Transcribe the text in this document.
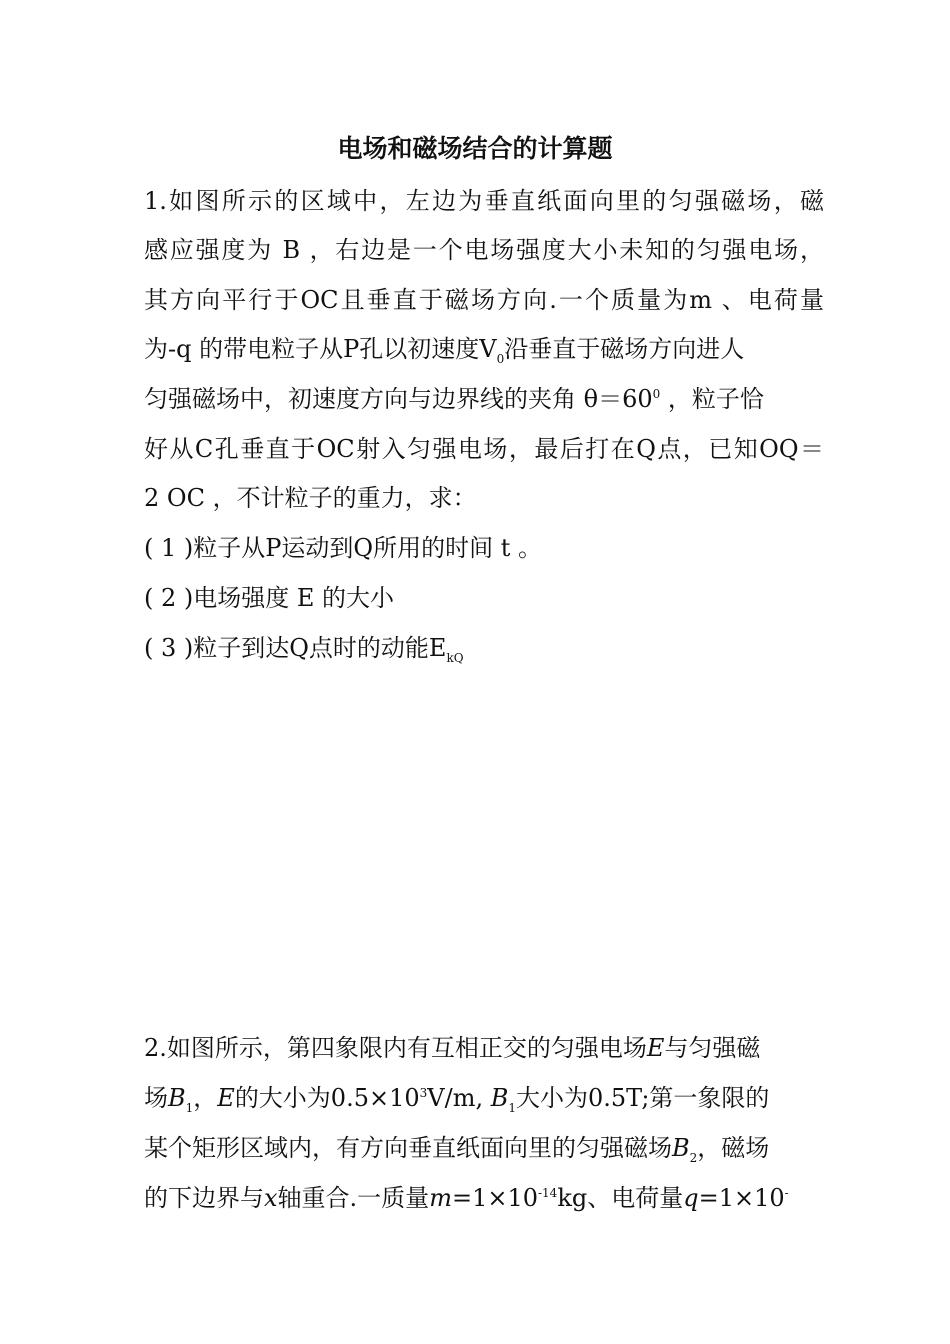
电场和磁场结合的计算题

1.如图所示的区域中，左边为垂直纸面向里的匀强磁场，磁

感应强度为 B ，右边是一个电场强度大小未知的匀强电场，

其方向平行于OC且垂直于磁场方向.一个质量为m 、电荷量

为-q 的带电粒子从P孔以初速度$V_0$沿垂直于磁场方向进人

匀强磁场中，初速度方向与边界线的夹角 $\theta=60^0$ ，粒子恰

好从C孔垂直于OC射入匀强电场，最后打在Q点，已知OQ＝

2 OC ，不计粒子的重力，求：

( 1 )粒子从P运动到Q所用的时间 t 。

( 2 )电场强度 E 的大小

( 3 )粒子到达Q点时的动能$E_{kQ}$

2.如图所示，第四象限内有互相正交的匀强电场E与匀强磁

场$B_1$，E的大小为$0.5\times 10^3V/m$, $B_1$大小为0.5T;第一象限的

某个矩形区域内，有方向垂直纸面向里的匀强磁场$B_2$，磁场

的下边界与x轴重合.一质量$m=1\times 10^{-14}kg$、电荷量q=1×10-
